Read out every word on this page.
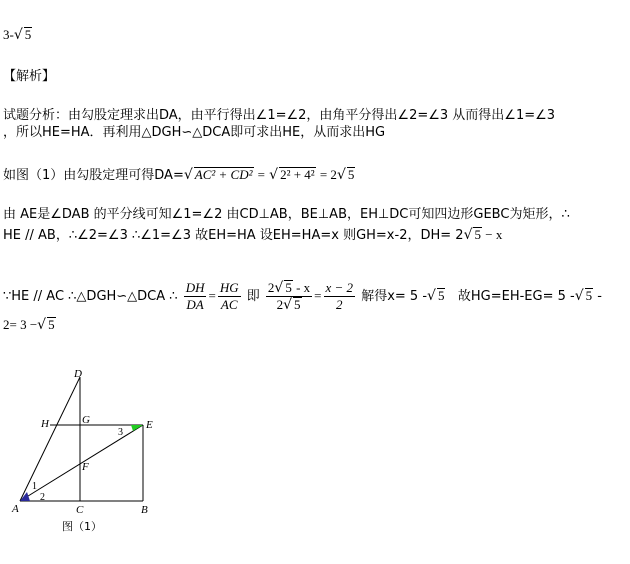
3-√ 5
【解析】
试题分析：由勾股定理求出DA，由平行得出∠1=∠2，由角平分得出∠2=∠3 从而得出∠1=∠3
，所以HE=HA．再利用△DGH∽△DCA即可求出HE，从而求出HG
如图（1）由勾股定理可得DA=√ AC² + CD² = √ 2² + 4² = 2√ 5
由 AE是∠DAB 的平分线可知∠1=∠2 由CD⊥AB，BE⊥AB，EH⊥DC可知四边形GEBC为矩形，∴
HE // AB，∴∠2=∠3 ∴∠1=∠3 故EH=HA 设EH=HA=x 则GH=x-2，DH= 2√ 5 − x
∵HE // AC ∴△DGH∽△DCA ∴ $\frac{DH}{DA} = \frac{HG}{AC}$ 即 $\frac{2√ 5 - x}{2√ 5} = \frac{x - 2}{2}$ 解得x= 5 -√ 5 故HG=EH-EG= 5 -√ 5 -
2= 3 −√ 5
D
H	G	E
F
A	C	B
1
2
3
图（1）
